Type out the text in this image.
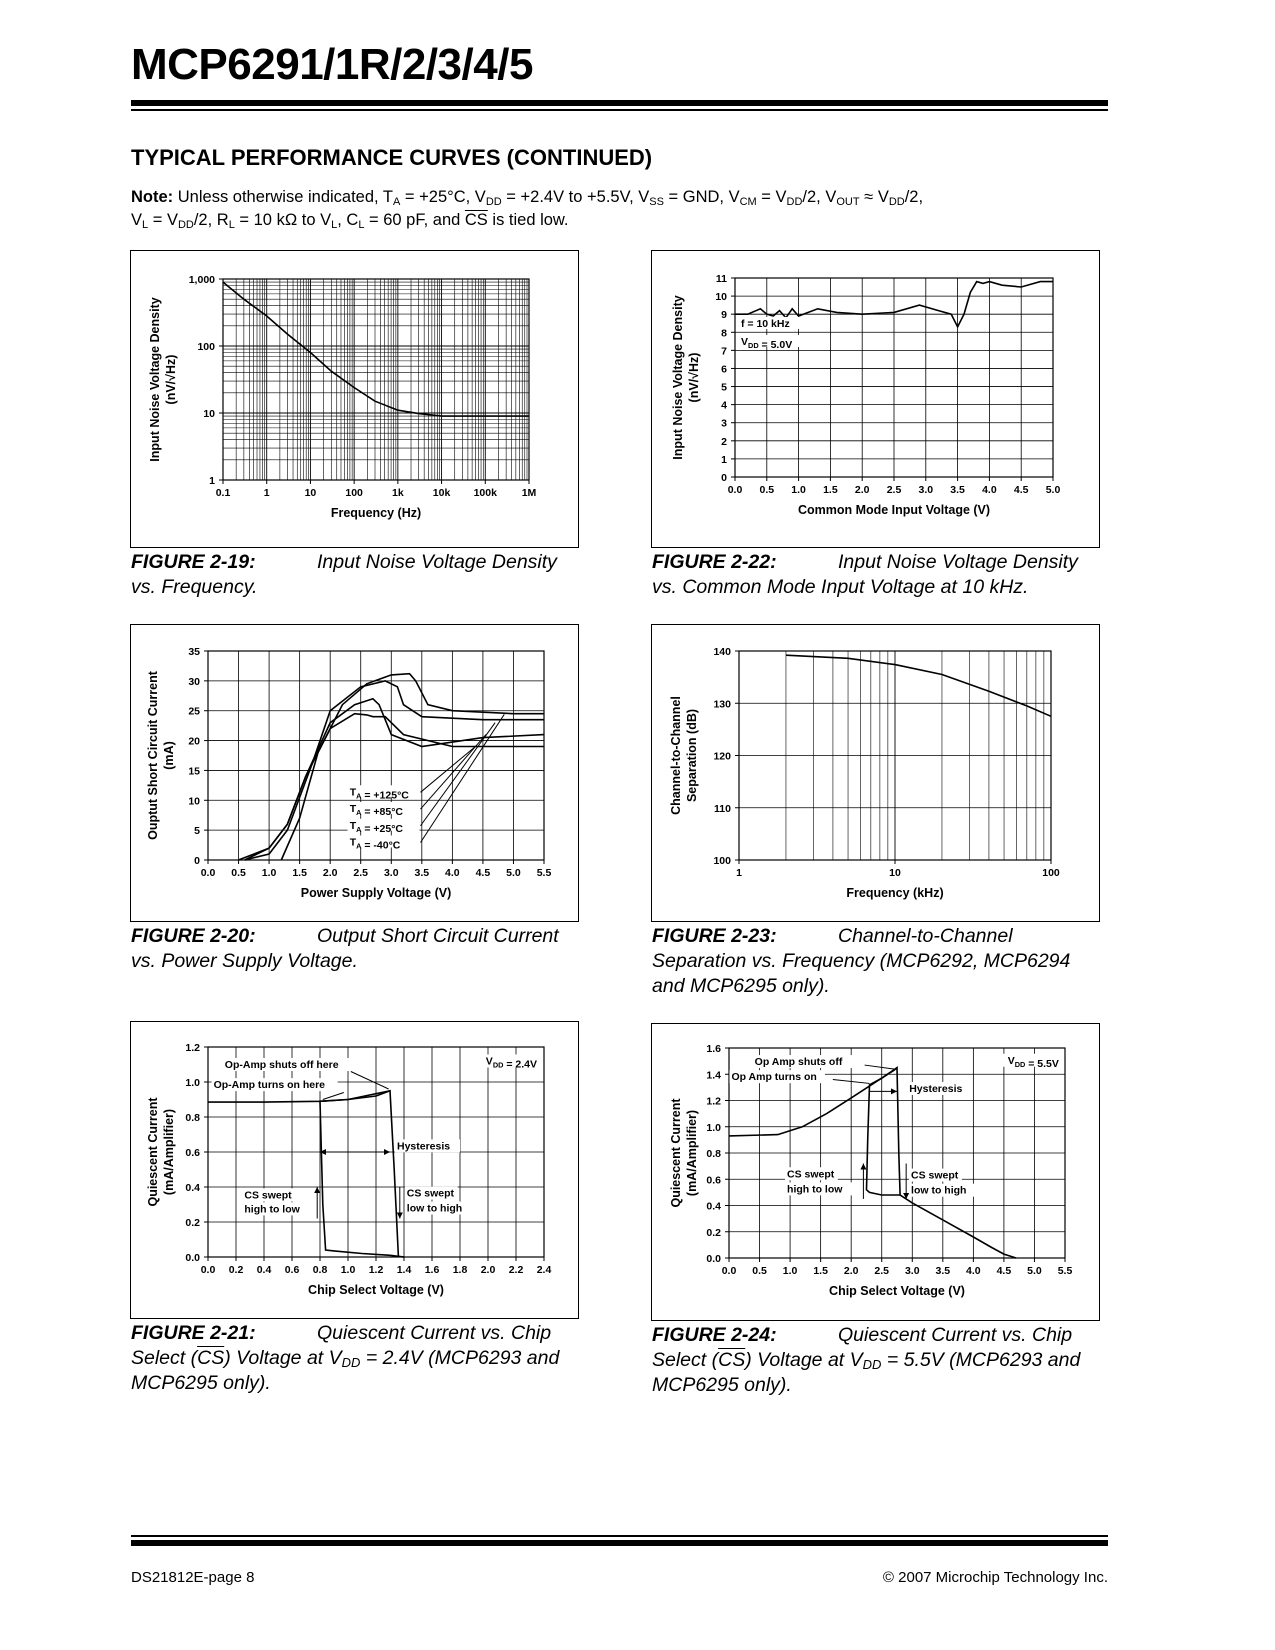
MCP6291/1R/2/3/4/5
TYPICAL PERFORMANCE CURVES (CONTINUED)
Note: Unless otherwise indicated, $T_A = +25^\circ C$, $V_{DD} = +2.4V$ to +5.5V, $V_{SS}$ = GND, $V_{CM} = V_{DD}/2$, $V_{OUT} \approx V_{DD}/2$,
$V_L = V_{DD}/2$, $R_L = 10$ kΩ to $V_L$, $C_L = 60$ pF, and $\overline{CS}$ is tied low.
0.1	1	10	100	1k	10k 100k 1M
1
10
100
1,000
Frequency (Hz)
Input Noise Voltage Density (nV/√Hz)
0.0 0.5 1.0 1.5 2.0 2.5 3.0 3.5 4.0 4.5 5.0
0
1
2
3
4
5
6
7
8
9
10
11
Common Mode Input Voltage (V)
Input Noise Voltage Density (nV/√Hz)
f = 10 kHz
$V_{DD} = 5.0V$
0.0 0.5 1.0 1.5 2.0 2.5 3.0 3.5 4.0 4.5 5.0 5.5
0
5
10
15
20
25
30
35
Power Supply Voltage (V)
Ouptut Short Circuit Current (mA)
$T_A = +125^\circ C$
$T_A = +85^\circ C$
$T_A = +25^\circ C$
$T_A = -40^\circ C$
1	10	100
100
110
120
130
140
Frequency (kHz)
Channel-to-Channel Separation (dB)
0.0 0.2 0.4 0.6 0.8 1.0 1.2 1.4 1.6 1.8 2.0 2.2 2.4
0.0
0.2
0.4
0.6
0.8
1.0
1.2
Chip Select Voltage (V)
Quiescent Current (mA/Amplifier)
Op-Amp shuts off here
Op-Amp turns on here
$V_{DD} = 2.4V$
Hysteresis
CS swept
high to low
CS swept
low to high
0.0 0.5 1.0 1.5 2.0 2.5 3.0 3.5 4.0 4.5 5.0 5.5
0.0
0.2
0.4
0.6
0.8
1.0
1.2
1.4
1.6
Chip Select Voltage (V)
Quiescent Current (mA/Amplifier)
Op Amp shuts off
Op Amp turns on
$V_{DD} = 5.5V$
Hysteresis
CS swept
high to low
CS swept
low to high
FIGURE 2-19:	Input Noise Voltage Density vs. Frequency.
FIGURE 2-22:	Input Noise Voltage Density vs. Common Mode Input Voltage at 10 kHz.
FIGURE 2-20:	Output Short Circuit Current vs. Power Supply Voltage.
FIGURE 2-23:	Channel-to-Channel Separation vs. Frequency (MCP6292, MCP6294 and MCP6295 only).
FIGURE 2-21:	Quiescent Current vs. Chip Select $(\overline{CS})$ Voltage at $V_{DD} = 2.4V$ (MCP6293 and MCP6295 only).
FIGURE 2-24:	Quiescent Current vs. Chip Select $(\overline{CS})$ Voltage at $V_{DD} = 5.5V$ (MCP6293 and MCP6295 only).
DS21812E-page 8	© 2007 Microchip Technology Inc.
